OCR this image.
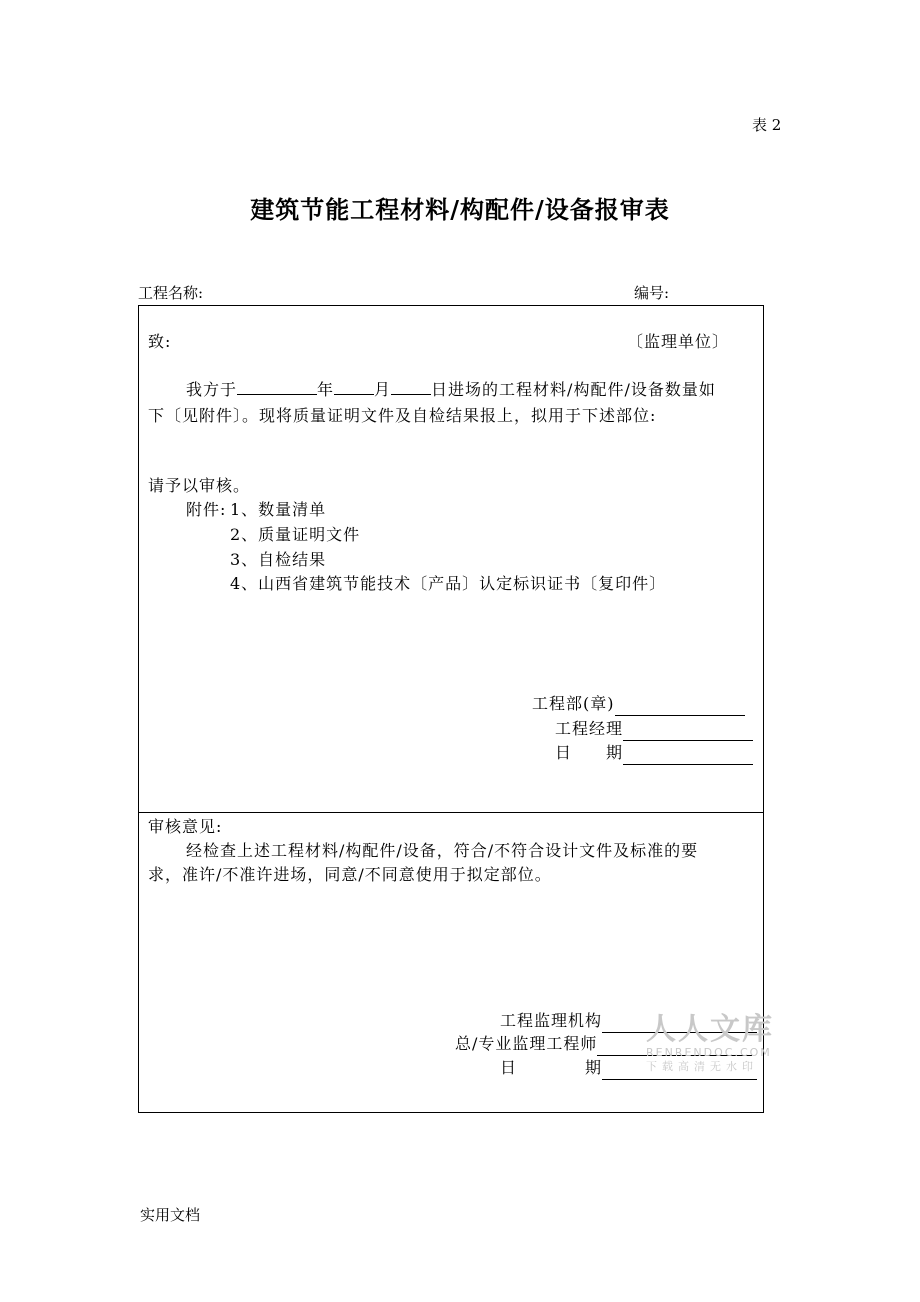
表 2
建筑节能工程材料/构配件/设备报审表
工程名称:	编号:
致:	〔监理单位〕
我方于	年	月	日进场的工程材料/构配件/设备数量如
下〔见附件〕。现将质量证明文件及自检结果报上，拟用于下述部位:
请予以审核。
附件: 1、数量清单
2、质量证明文件
3、自检结果
4、山西省建筑节能技术〔产品〕认定标识证书〔复印件〕
工程部(章)
工程经理
日　　期
审核意见:
经检查上述工程材料/构配件/设备，符合/不符合设计文件及标准的要
求，准许/不准许进场，同意/不同意使用于拟定部位。
工程监理机构
总/专业监理工程师
日　　　　期
人人文库
RENRENDOC.COM
下载高清无水印
实用文档
